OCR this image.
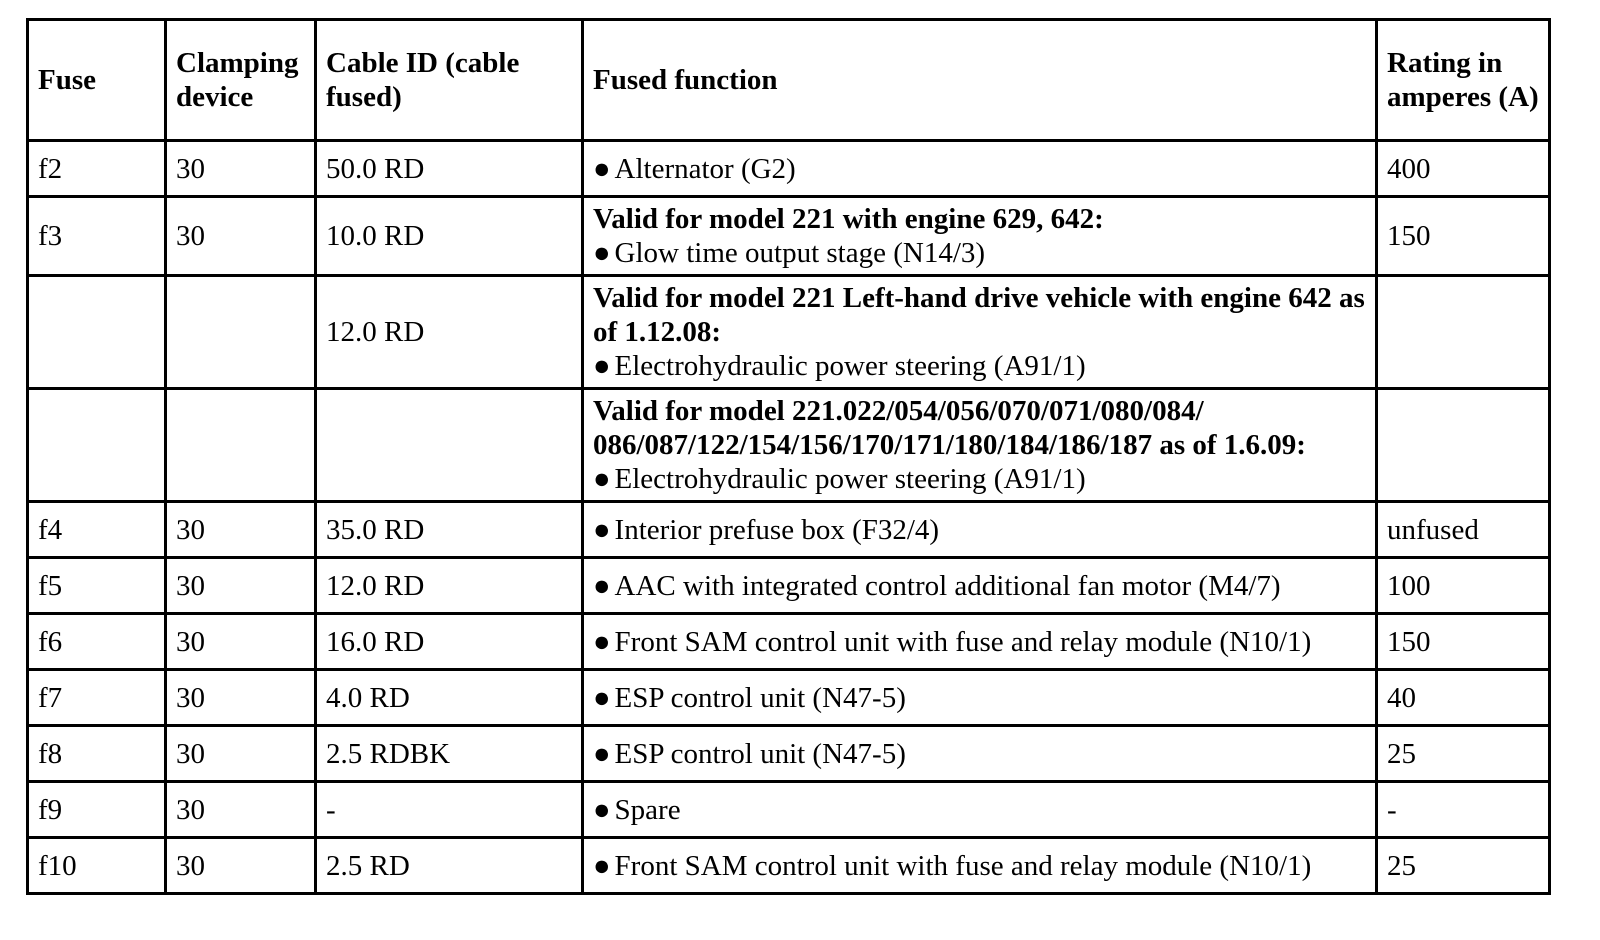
Fuse	Clamping device	Cable ID (cable fused)	Fused function	Rating in amperes (A)
f2	30	50.0 RD	● Alternator (G2)	400
f3	30	10.0 RD	Valid for model 221 with engine 629, 642:
● Glow time output stage (N14/3)	150
		12.0 RD	Valid for model 221 Left-hand drive vehicle with engine 642 as of 1.12.08:
● Electrohydraulic power steering (A91/1)	

			Valid for model 221.022/054/056/070/071/080/084/ 086/087/122/154/156/170/171/180/184/186/187 as of 1.6.09:
● Electrohydraulic power steering (A91/1)	
f4	30	35.0 RD	● Interior prefuse box (F32/4)	unfused
f5	30	12.0 RD	● AAC with integrated control additional fan motor (M4/7)	100
f6	30	16.0 RD	● Front SAM control unit with fuse and relay module (N10/1)	150
f7	30	4.0 RD	● ESP control unit (N47-5)	40
f8	30	2.5 RDBK	● ESP control unit (N47-5)	25
f9	30	-	● Spare	-
f10	30	2.5 RD	● Front SAM control unit with fuse and relay module (N10/1)	25
